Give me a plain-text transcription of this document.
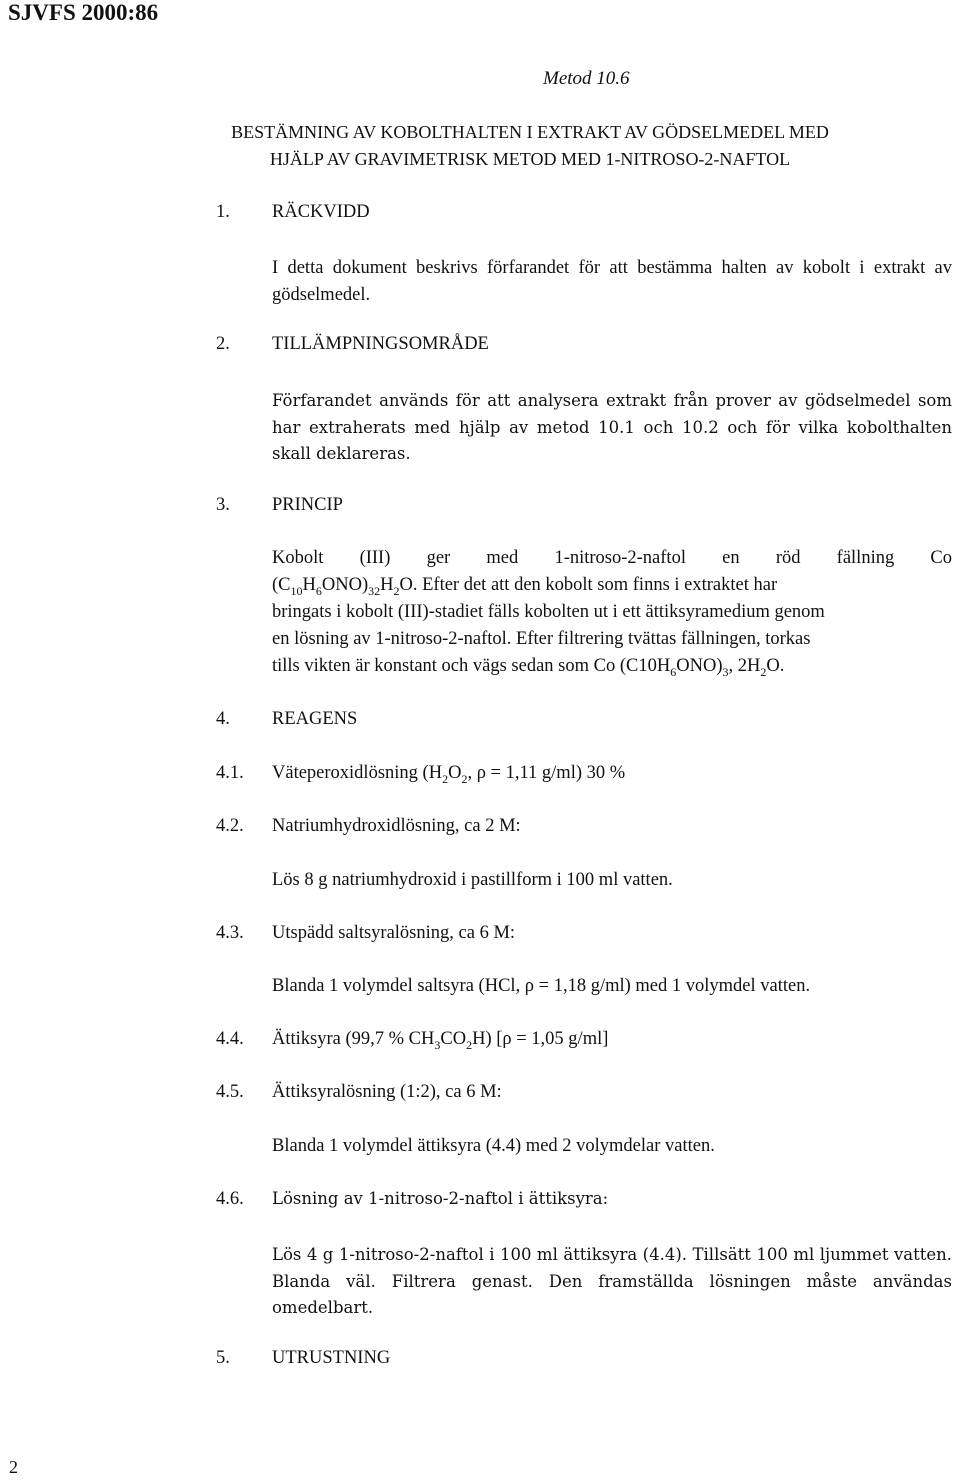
SJVFS 2000:86
Metod 10.6
BESTÄMNING AV KOBOLTHALTEN I EXTRAKT AV GÖDSELMEDEL MED
HJÄLP AV GRAVIMETRISK METOD MED 1-NITROSO-2-NAFTOL
1. RÄCKVIDD
I detta dokument beskrivs förfarandet för att bestämma halten av kobolt i extrakt av gödselmedel.
2. TILLÄMPNINGSOMRÅDE
Förfarandet används för att analysera extrakt från prover av gödselmedel som har extraherats med hjälp av metod 10.1 och 10.2 och för vilka kobolthalten skall deklareras.
3. PRINCIP
Kobolt (III) ger med 1-nitroso-2-naftol en röd fällning Co
$(C_{10}H_6ONO)_{32}H_2O$. Efter det att den kobolt som finns i extraktet har
bringats i kobolt (III)-stadiet fälls kobolten ut i ett ättiksyramedium genom
en lösning av 1-nitroso-2-naftol. Efter filtrering tvättas fällningen, torkas
tills vikten är konstant och vägs sedan som Co $(C10H_6ONO)_3$, $2H_2O$.
4. REAGENS
4.1. Väteperoxidlösning ($H_2O_2$, ρ = 1,11 g/ml) 30 %
4.2. Natriumhydroxidlösning, ca 2 M:
Lös 8 g natriumhydroxid i pastillform i 100 ml vatten.
4.3. Utspädd saltsyralösning, ca 6 M:
Blanda 1 volymdel saltsyra (HCl, ρ = 1,18 g/ml) med 1 volymdel vatten.
4.4. Ättiksyra (99,7 % $CH_3CO_2H$) [ρ = 1,05 g/ml]
4.5. Ättiksyralösning (1:2), ca 6 M:
Blanda 1 volymdel ättiksyra (4.4) med 2 volymdelar vatten.
4.6. Lösning av 1-nitroso-2-naftol i ättiksyra:
Lös 4 g 1-nitroso-2-naftol i 100 ml ättiksyra (4.4). Tillsätt 100 ml ljummet vatten. Blanda väl. Filtrera genast. Den framställda lösningen måste användas omedelbart.
5. UTRUSTNING
2
